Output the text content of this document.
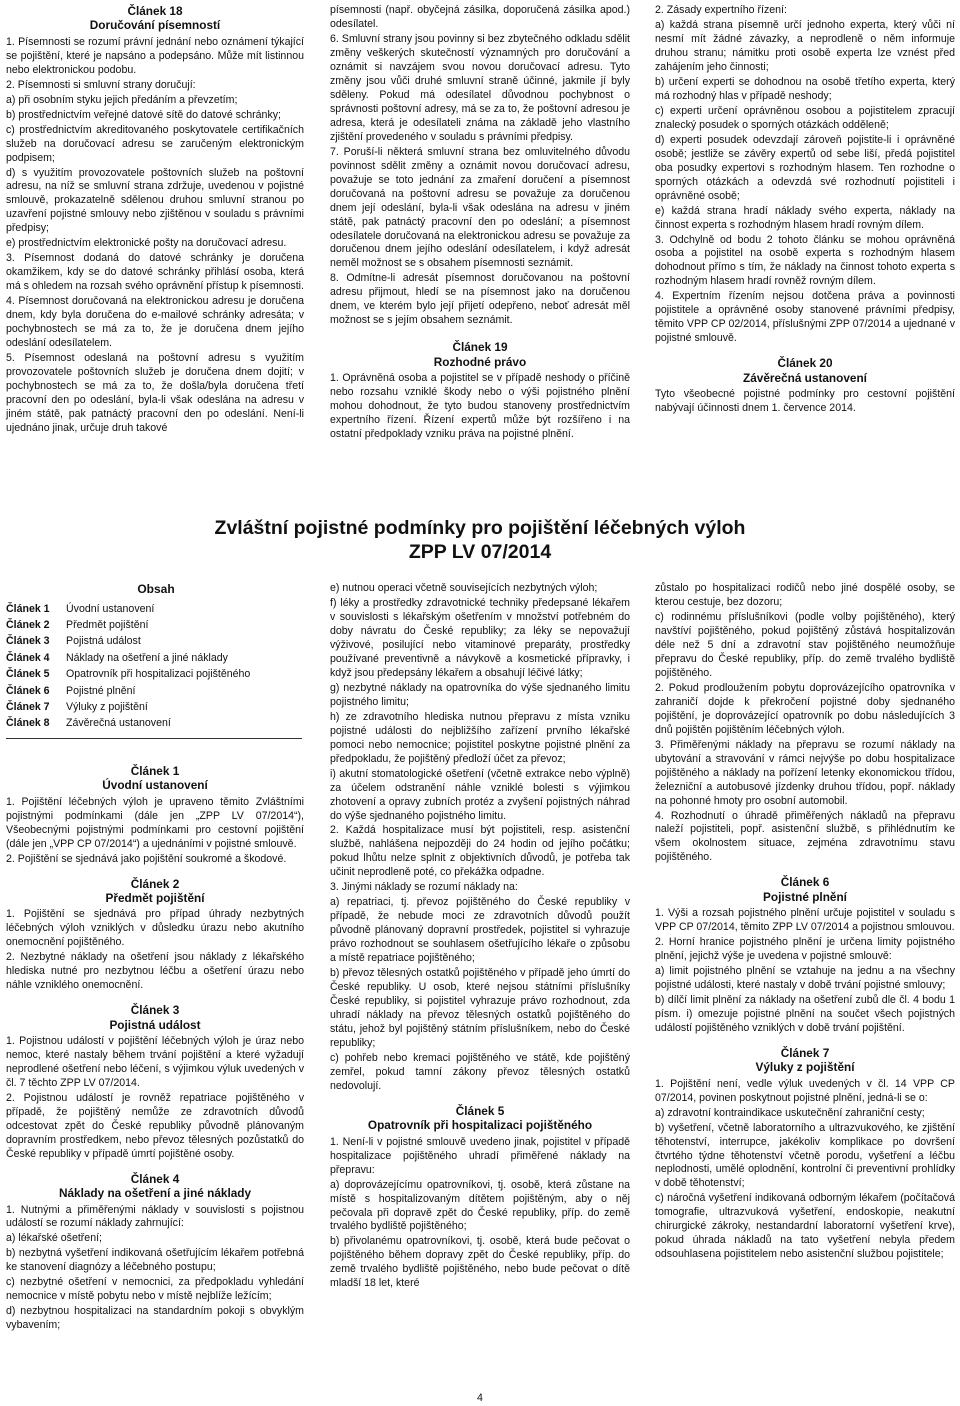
Článek 18
Doručování písemností

1. Písemnosti se rozumí právní jednání nebo oznámení týkající se pojištění, které je napsáno a podepsáno. Může mít listinnou nebo elektronickou podobu.

2. Písemnosti si smluvní strany doručují:

a) při osobním styku jejich předáním a převzetím;

b) prostřednictvím veřejné datové sítě do datové schránky;

c) prostřednictvím akreditovaného poskytovatele certifikačních služeb na doručovací adresu se zaručeným elektronickým podpisem;

d) s využitím provozovatele poštovních služeb na poštovní adresu, na níž se smluvní strana zdržuje, uvedenou v pojistné smlouvě, prokazatelně sdělenou druhou smluvní stranou po uzavření pojistné smlouvy nebo zjištěnou v souladu s právními předpisy;

e) prostřednictvím elektronické pošty na doručovací adresu.

3. Písemnost dodaná do datové schránky je doručena okamžikem, kdy se do datové schránky přihlásí osoba, která má s ohledem na rozsah svého oprávnění přístup k písemnosti.

4. Písemnost doručovaná na elektronickou adresu je doručena dnem, kdy byla doručena do e-mailové schránky adresáta; v pochybnostech se má za to, že je doručena dnem jejího odeslání odesílatelem.

5. Písemnost odeslaná na poštovní adresu s využitím provozovatele poštovních služeb je doručena dnem dojití; v pochybnostech se má za to, že došla/byla doručena třetí pracovní den po odeslání, byla-li však odeslána na adresu v jiném státě, pak patnáctý pracovní den po odeslání. Není-li ujednáno jinak, určuje druh takové

písemnosti (např. obyčejná zásilka, doporučená zásilka apod.) odesílatel.

6. Smluvní strany jsou povinny si bez zbytečného odkladu sdělit změny veškerých skutečností významných pro doručování a oznámit si navzájem svou novou doručovací adresu. Tyto změny jsou vůči druhé smluvní straně účinné, jakmile jí byly sděleny. Pokud má odesílatel důvodnou pochybnost o správnosti poštovní adresy, má se za to, že poštovní adresou je adresa, která je odesílateli známa na základě jeho vlastního zjištění provedeného v souladu s právními předpisy.

7. Poruší-li některá smluvní strana bez omluvitelného důvodu povinnost sdělit změny a oznámit novou doručovací adresu, považuje se toto jednání za zmaření doručení a písemnost doručovaná na poštovní adresu se považuje za doručenou dnem její odeslání, byla-li však odeslána na adresu v jiném státě, pak patnáctý pracovní den po odeslání; a písemnost odesílatele doručovaná na elektronickou adresu se považuje za doručenou dnem jejího odeslání odesílatelem, i když adresát neměl možnost se s obsahem písemnosti seznámit.

8. Odmítne-li adresát písemnost doručovanou na poštovní adresu přijmout, hledí se na písemnost jako na doručenou dnem, ve kterém bylo její přijetí odepřeno, neboť adresát měl možnost se s jejím obsahem seznámit.

Článek 19
Rozhodné právo

1. Oprávněná osoba a pojistitel se v případě neshody o příčině nebo rozsahu vzniklé škody nebo o výši pojistného plnění mohou dohodnout, že tyto budou stanoveny prostřednictvím expertního řízení. Řízení expertů může být rozšířeno i na ostatní předpoklady vzniku práva na pojistné plnění.

2. Zásady expertního řízení:

a) každá strana písemně určí jednoho experta, který vůči ní nesmí mít žádné závazky, a neprodleně o něm informuje druhou stranu; námitku proti osobě experta lze vznést před zahájením jeho činnosti;

b) určení experti se dohodnou na osobě třetího experta, který má rozhodný hlas v případě neshody;

c) experti určení oprávněnou osobou a pojistitelem zpracují znalecký posudek o sporných otázkách odděleně;

d) experti posudek odevzdají zároveň pojistite-li i oprávněné osobě; jestliže se závěry expertů od sebe liší, předá pojistitel oba posudky expertovi s rozhodným hlasem. Ten rozhodne o sporných otázkách a odevzdá své rozhodnutí pojistiteli i oprávněné osobě;

e) každá strana hradí náklady svého experta, náklady na činnost experta s rozhodným hlasem hradí rovným dílem.

3. Odchylně od bodu 2 tohoto článku se mohou oprávněná osoba a pojistitel na osobě experta s rozhodným hlasem dohodnout přímo s tím, že náklady na činnost tohoto experta s rozhodným hlasem hradí rovněž rovným dílem.

4. Expertním řízením nejsou dotčena práva a povinnosti pojistitele a oprávněné osoby stanovené právními předpisy, těmito VPP CP 02/2014, příslušnými ZPP 07/2014 a ujednané v pojistné smlouvě.

Článek 20
Závěrečná ustanovení

Tyto všeobecné pojistné podmínky pro cestovní pojištění nabývají účinnosti dnem 1. července 2014.

Zvláštní pojistné podmínky pro pojištění léčebných výloh
ZPP LV 07/2014
Obsah
Článek 1	Úvodní ustanovení
Článek 2	Předmět pojištění
Článek 3	Pojistná událost
Článek 4	Náklady na ošetření a jiné náklady
Článek 5	Opatrovník při hospitalizaci pojištěného
Článek 6	Pojistné plnění
Článek 7	Výluky z pojištění
Článek 8	Závěrečná ustanovení
Článek 1
Úvodní ustanovení

1. Pojištění léčebných výloh je upraveno těmito Zvláštními pojistnými podmínkami (dále jen „ZPP LV 07/2014“), Všeobecnými pojistnými podmínkami pro cestovní pojištění (dále jen „VPP CP 07/2014“) a ujednáními v pojistné smlouvě.

2. Pojištění se sjednává jako pojištění soukromé a škodové.

Článek 2
Předmět pojištění

1. Pojištění se sjednává pro případ úhrady nezbytných léčebných výloh vzniklých v důsledku úrazu nebo akutního onemocnění pojištěného.

2. Nezbytné náklady na ošetření jsou náklady z lékařského hlediska nutné pro nezbytnou léčbu a ošetření úrazu nebo náhle vzniklého onemocnění.

Článek 3
Pojistná událost

1. Pojistnou událostí v pojištění léčebných výloh je úraz nebo nemoc, které nastaly během trvání pojištění a které vyžadují neprodlené ošetření nebo léčení, s výjimkou výluk uvedených v čl. 7 těchto ZPP LV 07/2014.

2. Pojistnou událostí je rovněž repatriace pojištěného v případě, že pojištěný nemůže ze zdravotních důvodů odcestovat zpět do České republiky původně plánovaným dopravním prostředkem, nebo převoz tělesných pozůstatků do České republiky v případě úmrtí pojištěné osoby.

Článek 4
Náklady na ošetření a jiné náklady

1. Nutnými a přiměřenými náklady v souvislosti s pojistnou událostí se rozumí náklady zahrnující:

a) lékařské ošetření;

b) nezbytná vyšetření indikovaná ošetřujícím lékařem potřebná ke stanovení diagnózy a léčebného postupu;

c) nezbytné ošetření v nemocnici, za předpokladu vyhledání nemocnice v místě pobytu nebo v místě nejblíže ležícím;

d) nezbytnou hospitalizaci na standardním pokoji s obvyklým vybavením;

e) nutnou operaci včetně souvisejících nezbytných výloh;

f) léky a prostředky zdravotnické techniky předepsané lékařem v souvislosti s lékařským ošetřením v množství potřebném do doby návratu do České republiky; za léky se nepovažují výživové, posilující nebo vitaminové preparáty, prostředky používané preventivně a návykově a kosmetické přípravky, i když jsou předepsány lékařem a obsahují léčivé látky;

g) nezbytné náklady na opatrovníka do výše sjednaného limitu pojistného limitu;

h) ze zdravotního hlediska nutnou přepravu z místa vzniku pojistné události do nejbližšího zařízení prvního lékařské pomoci nebo nemocnice; pojistitel poskytne pojistné plnění za předpokladu, že pojištěný předloží účet za převoz;

i) akutní stomatologické ošetření (včetně extrakce nebo výplně) za účelem odstranění náhle vzniklé bolesti s výjimkou zhotovení a opravy zubních protéz a zvyšení pojistných náhrad do výše sjednaného pojistného limitu.

2. Každá hospitalizace musí být pojistiteli, resp. asistenční službě, nahlášena nejpozději do 24 hodin od jejího počátku; pokud lhůtu nelze splnit z objektivních důvodů, je potřeba tak učinit neprodleně poté, co překážka odpadne.

3. Jinými náklady se rozumí náklady na:

a) repatriaci, tj. převoz pojištěného do České republiky v případě, že nebude moci ze zdravotních důvodů použít původně plánovaný dopravní prostředek, pojistitel si vyhrazuje právo rozhodnout se souhlasem ošetřujícího lékaře o způsobu a místě repatriace pojištěného;

b) převoz tělesných ostatků pojištěného v případě jeho úmrtí do České republiky. U osob, které nejsou státními příslušníky České republiky, si pojistitel vyhrazuje právo rozhodnout, zda uhradí náklady na převoz tělesných ostatků pojištěného do státu, jehož byl pojištěný státním příslušníkem, nebo do České republiky;

c) pohřeb nebo kremaci pojištěného ve státě, kde pojištěný zemřel, pokud tamní zákony převoz tělesných ostatků nedovolují.

Článek 5
Opatrovník při hospitalizaci pojištěného

1. Není-li v pojistné smlouvě uvedeno jinak, pojistitel v případě hospitalizace pojištěného uhradí přiměřené náklady na přepravu:

a) doprovázejícímu opatrovníkovi, tj. osobě, která zůstane na místě s hospitalizovaným dítětem pojištěným, aby o něj pečovala při dopravě zpět do České republiky, příp. do země trvalého bydliště pojištěného;

b) přivolanému opatrovníkovi, tj. osobě, která bude pečovat o pojištěného během dopravy zpět do České republiky, příp. do země trvalého bydliště pojištěného, nebo bude pečovat o dítě mladší 18 let, které

zůstalo po hospitalizaci rodičů nebo jiné dospělé osoby, se kterou cestuje, bez dozoru;

c) rodinnému příslušníkovi (podle volby pojištěného), který navštíví pojištěného, pokud pojištěný zůstává hospitalizován déle než 5 dní a zdravotní stav pojištěného neumožňuje přepravu do České republiky, příp. do země trvalého bydliště pojištěného.

2. Pokud prodloužením pobytu doprovázejícího opatrovníka v zahraničí dojde k překročení pojistné doby sjednaného pojištění, je doprovázející opatrovník po dobu následujících 3 dnů pojištěn pojištěním léčebných výloh.

3. Přiměřenými náklady na přepravu se rozumí náklady na ubytování a stravování v rámci nejvýše po dobu hospitalizace pojištěného a náklady na pořízení letenky ekonomickou třídou, železniční a autobusové jízdenky druhou třídou, popř. náklady na pohonné hmoty pro osobní automobil.

4. Rozhodnutí o úhradě přiměřených nákladů na přepravu naleží pojistiteli, popř. asistenční službě, s přihlédnutím ke všem okolnostem situace, zejména zdravotnímu stavu pojištěného.

Článek 6
Pojistné plnění

1. Výši a rozsah pojistného plnění určuje pojistitel v souladu s VPP CP 07/2014, těmito ZPP LV 07/2014 a pojistnou smlouvou.

2. Horní hranice pojistného plnění je určena limity pojistného plnění, jejichž výše je uvedena v pojistné smlouvě:

a) limit pojistného plnění se vztahuje na jednu a na všechny pojistné události, které nastaly v době trvání pojistné smlouvy;

b) dílčí limit plnění za náklady na ošetření zubů dle čl. 4 bodu 1 písm. i) omezuje pojistné plnění na součet všech pojistných událostí pojištěného vzniklých v době trvání pojištění.

Článek 7
Výluky z pojištění

1. Pojištění není, vedle výluk uvedených v čl. 14 VPP CP 07/2014, povinen poskytnout pojistné plnění, jedná-li se o:

a) zdravotní kontraindikace uskutečnění zahraniční cesty;

b) vyšetření, včetně laboratorního a ultrazvukového, ke zjištění těhotenství, interrupce, jakékoliv komplikace po dovršení čtvrtého týdne těhotenství včetně porodu, vyšetření a léčbu neplodnosti, umělé oplodnění, kontrolní či preventivní prohlídky v době těhotenství;

c) náročná vyšetření indikovaná odborným lékařem (počítačová tomografie, ultrazvuková vyšetření, endoskopie, neakutní chirurgické zákroky, nestandardní laboratorní vyšetření krve), pokud úhrada nákladů na tato vyšetření nebyla předem odsouhlasena pojistitelem nebo asistenční službou pojistitele;

4
